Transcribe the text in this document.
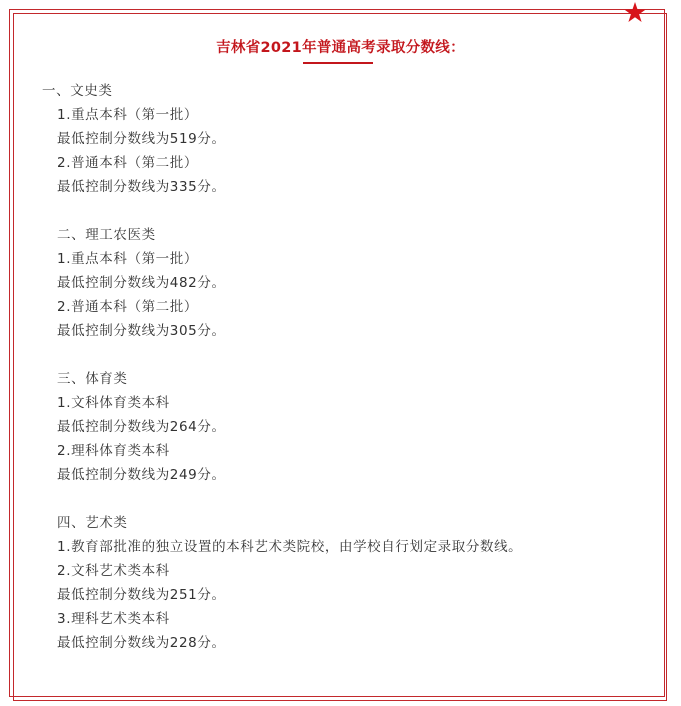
吉林省2021年普通高考录取分数线：
一、文史类
1.重点本科（第一批）
最低控制分数线为519分。
2.普通本科（第二批）
最低控制分数线为335分。
二、理工农医类
1.重点本科（第一批）
最低控制分数线为482分。
2.普通本科（第二批）
最低控制分数线为305分。
三、体育类
1.文科体育类本科
最低控制分数线为264分。
2.理科体育类本科
最低控制分数线为249分。
四、艺术类
1.教育部批准的独立设置的本科艺术类院校，由学校自行划定录取分数线。
2.文科艺术类本科
最低控制分数线为251分。
3.理科艺术类本科
最低控制分数线为228分。
